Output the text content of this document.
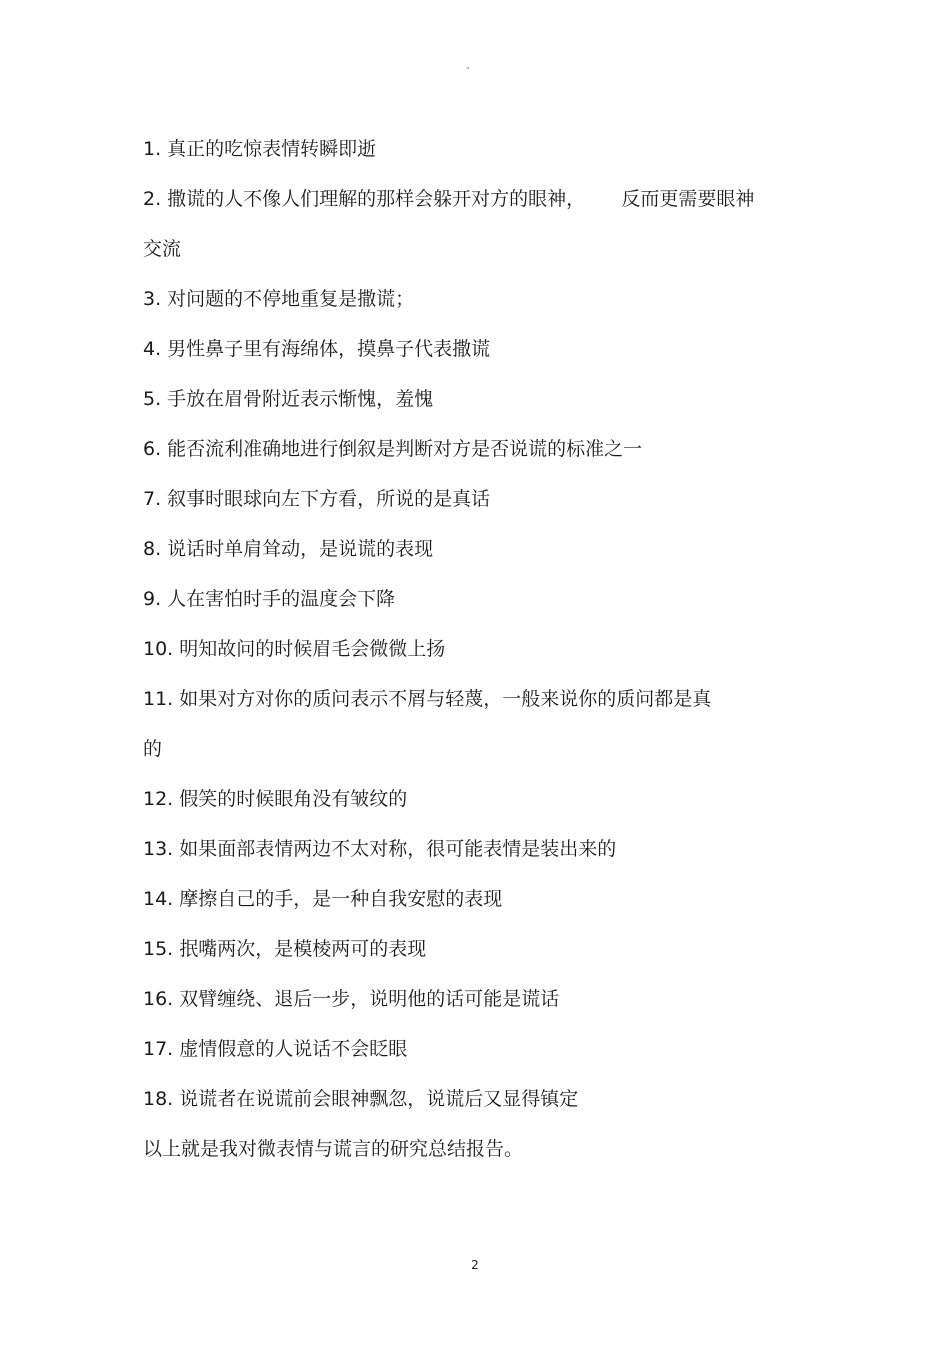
"

1. 真正的吃惊表情转瞬即逝

2. 撒谎的人不像人们理解的那样会躲开对方的眼神，      反而更需要眼神
交流

3. 对问题的不停地重复是撒谎；

4. 男性鼻子里有海绵体，摸鼻子代表撒谎

5. 手放在眉骨附近表示惭愧，羞愧

6. 能否流利准确地进行倒叙是判断对方是否说谎的标准之一

7. 叙事时眼球向左下方看，所说的是真话

8. 说话时单肩耸动，是说谎的表现

9. 人在害怕时手的温度会下降

10. 明知故问的时候眉毛会微微上扬

11. 如果对方对你的质问表示不屑与轻蔑，一般来说你的质问都是真
的

12. 假笑的时候眼角没有皱纹的

13. 如果面部表情两边不太对称，很可能表情是装出来的

14. 摩擦自己的手，是一种自我安慰的表现

15. 抿嘴两次，是模棱两可的表现

16. 双臂缠绕、退后一步，说明他的话可能是谎话

17. 虚情假意的人说话不会眨眼

18. 说谎者在说谎前会眼神飘忽，说谎后又显得镇定

以上就是我对微表情与谎言的研究总结报告。

2
